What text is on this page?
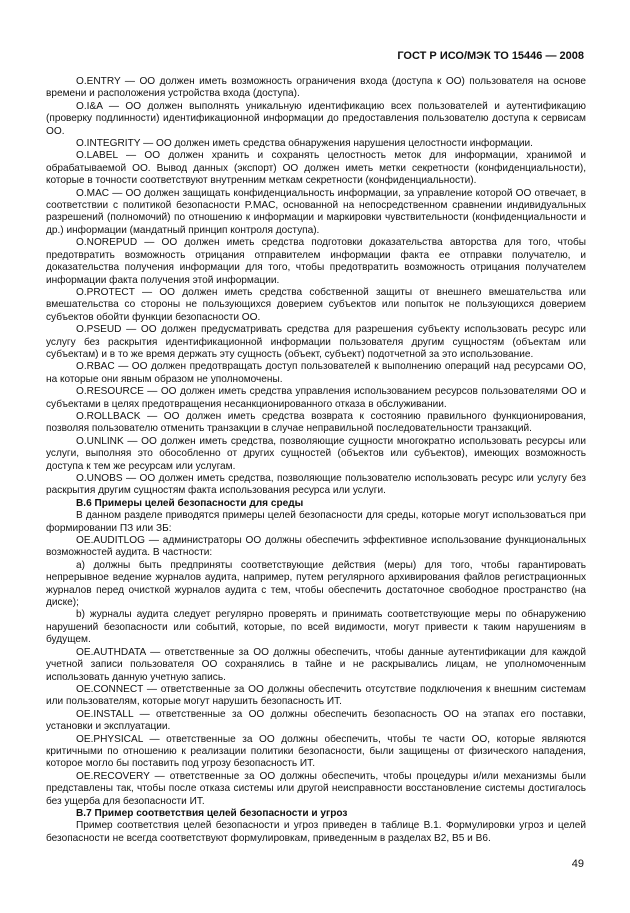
ГОСТ Р ИСО/МЭК ТО 15446 — 2008

O.ENTRY — ОО должен иметь возможность ограничения входа (доступа к ОО) пользователя на основе времени и расположения устройства входа (доступа).

O.I&A — ОО должен выполнять уникальную идентификацию всех пользователей и аутентификацию (проверку подлинности) идентификационной информации до предоставления пользователю доступа к сервисам ОО.

O.INTEGRITY — ОО должен иметь средства обнаружения нарушения целостности информации.

O.LABEL — ОО должен хранить и сохранять целостность меток для информации, хранимой и обрабатываемой ОО. Вывод данных (экспорт) ОО должен иметь метки секретности (конфиденциальности), которые в точности соответствуют внутренним меткам секретности (конфиденциальности).

O.MAC — ОО должен защищать конфиденциальность информации, за управление которой ОО отвечает, в соответствии с политикой безопасности P.MAC, основанной на непосредственном сравнении индивидуальных разрешений (полномочий) по отношению к информации и маркировки чувствительности (конфиденциальности и др.) информации (мандатный принцип контроля доступа).

O.NOREPUD — ОО должен иметь средства подготовки доказательства авторства для того, чтобы предотвратить возможность отрицания отправителем информации факта ее отправки получателю, и доказательства получения информации для того, чтобы предотвратить возможность отрицания получателем информации факта получения этой информации.

O.PROTECT — ОО должен иметь средства собственной защиты от внешнего вмешательства или вмешательства со стороны не пользующихся доверием субъектов или попыток не пользующихся доверием субъектов обойти функции безопасности ОО.

O.PSEUD — ОО должен предусматривать средства для разрешения субъекту использовать ресурс или услугу без раскрытия идентификационной информации пользователя другим сущностям (объектам или субъектам) и в то же время держать эту сущность (объект, субъект) подотчетной за это использование.

O.RBAC — ОО должен предотвращать доступ пользователей к выполнению операций над ресурсами ОО, на которые они явным образом не уполномочены.

O.RESOURCE — ОО должен иметь средства управления использованием ресурсов пользователями ОО и субъектами в целях предотвращения несанкционированного отказа в обслуживании.

O.ROLLBACK — ОО должен иметь средства возврата к состоянию правильного функционирования, позволяя пользователю отменить транзакции в случае неправильной последовательности транзакций.

O.UNLINK — ОО должен иметь средства, позволяющие сущности многократно использовать ресурсы или услуги, выполняя это обособленно от других сущностей (объектов или субъектов), имеющих возможность доступа к тем же ресурсам или услугам.

O.UNOBS — ОО должен иметь средства, позволяющие пользователю использовать ресурс или услугу без раскрытия другим сущностям факта использования ресурса или услуги.

B.6 Примеры целей безопасности для среды

В данном разделе приводятся примеры целей безопасности для среды, которые могут использоваться при формировании ПЗ или ЗБ:

OE.AUDITLOG — администраторы ОО должны обеспечить эффективное использование функциональных возможностей аудита. В частности:

a) должны быть предприняты соответствующие действия (меры) для того, чтобы гарантировать непрерывное ведение журналов аудита, например, путем регулярного архивирования файлов регистрационных журналов перед очисткой журналов аудита с тем, чтобы обеспечить достаточное свободное пространство (на диске);

b) журналы аудита следует регулярно проверять и принимать соответствующие меры по обнаружению нарушений безопасности или событий, которые, по всей видимости, могут привести к таким нарушениям в будущем.

OE.AUTHDATA — ответственные за ОО должны обеспечить, чтобы данные аутентификации для каждой учетной записи пользователя ОО сохранялись в тайне и не раскрывались лицам, не уполномоченным использовать данную учетную запись.

OE.CONNECT — ответственные за ОО должны обеспечить отсутствие подключения к внешним системам или пользователям, которые могут нарушить безопасность ИТ.

OE.INSTALL — ответственные за ОО должны обеспечить безопасность ОО на этапах его поставки, установки и эксплуатации.

OE.PHYSICAL — ответственные за ОО должны обеспечить, чтобы те части ОО, которые являются критичными по отношению к реализации политики безопасности, были защищены от физического нападения, которое могло бы поставить под угрозу безопасность ИТ.

OE.RECOVERY — ответственные за ОО должны обеспечить, чтобы процедуры и/или механизмы были представлены так, чтобы после отказа системы или другой неисправности восстановление системы достигалось без ущерба для безопасности ИТ.

B.7 Пример соответствия целей безопасности и угроз

Пример соответствия целей безопасности и угроз приведен в таблице B.1. Формулировки угроз и целей безопасности не всегда соответствуют формулировкам, приведенным в разделах B2, B5 и B6.

49
